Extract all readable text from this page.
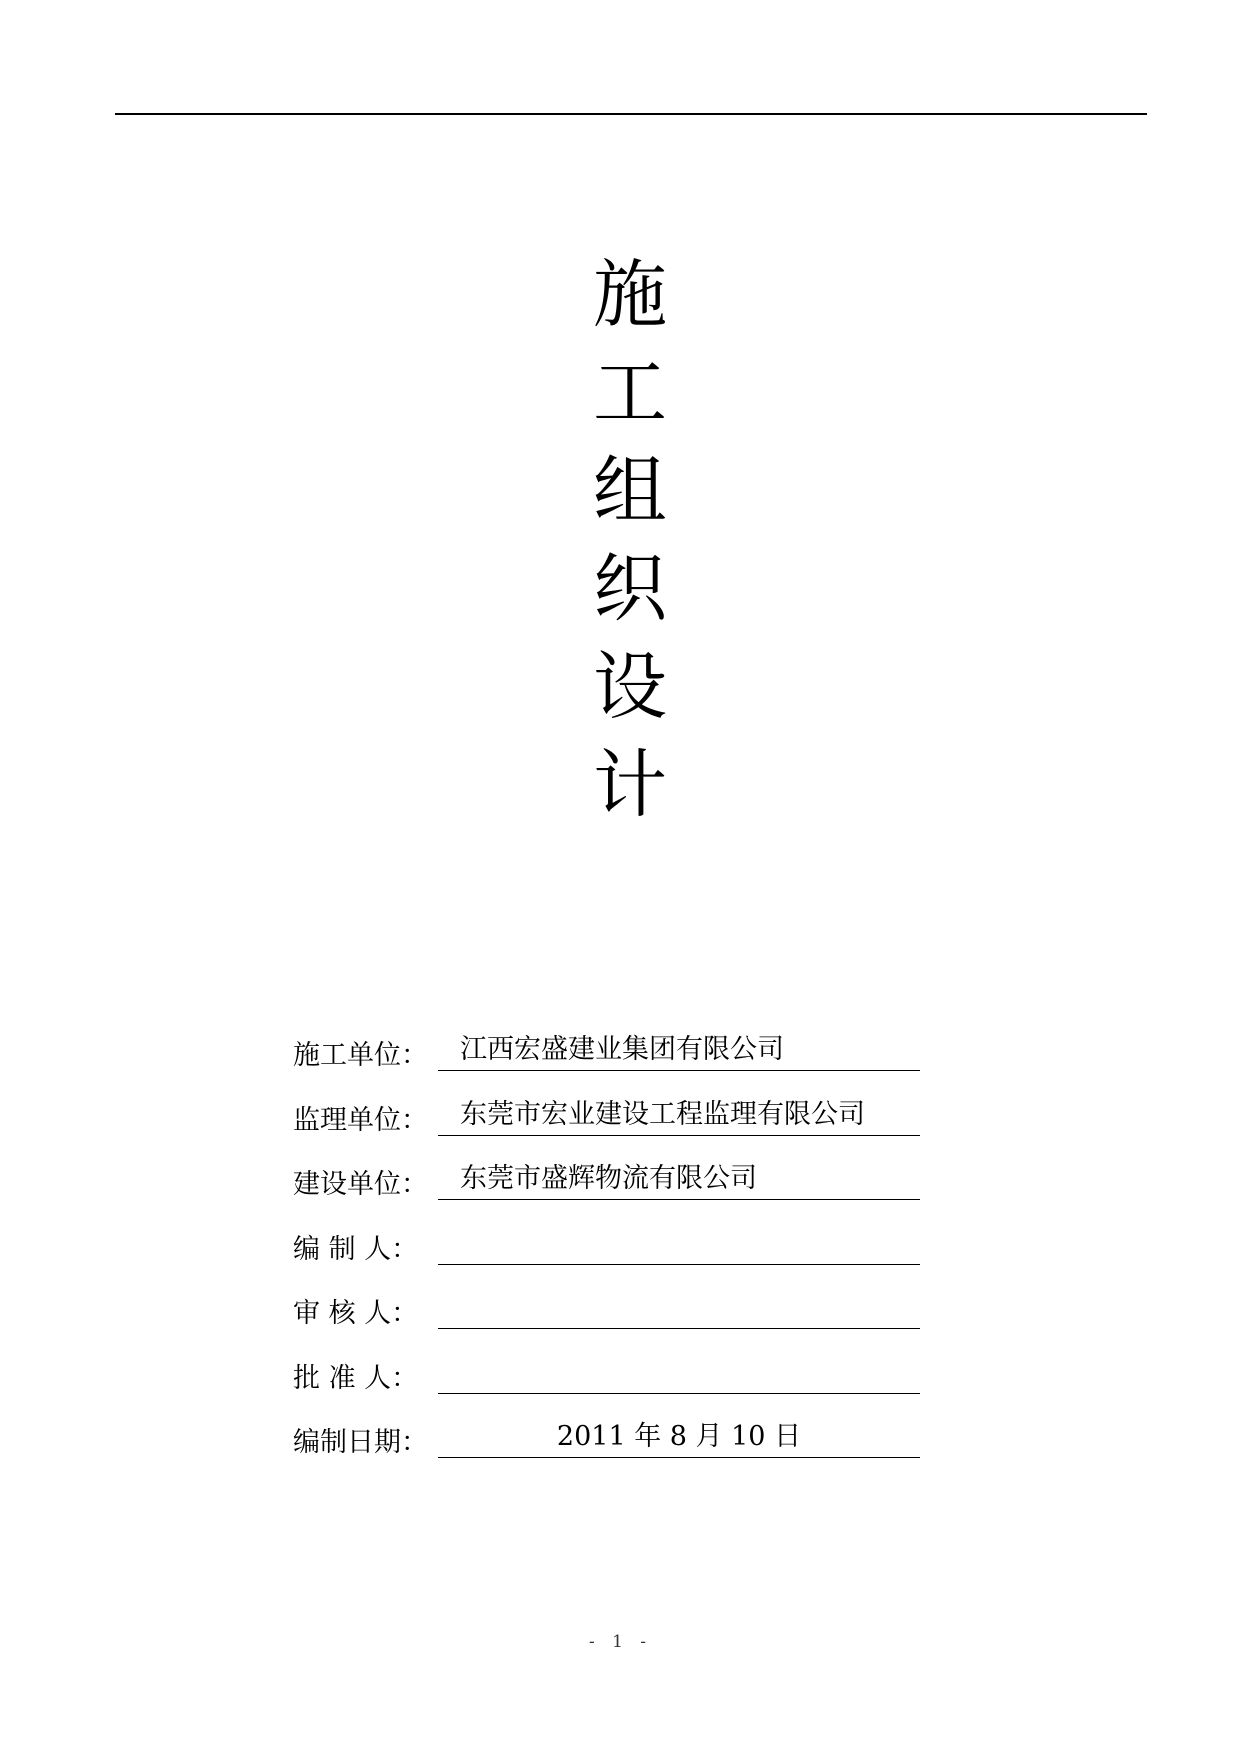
施
工
组
织
设
计
施工单位：	江西宏盛建业集团有限公司
监理单位：	东莞市宏业建设工程监理有限公司
建设单位：	东莞市盛辉物流有限公司
编 制 人：
审 核 人：
批 准 人：
编制日期：	2011 年 8 月 10 日
- 1 -
